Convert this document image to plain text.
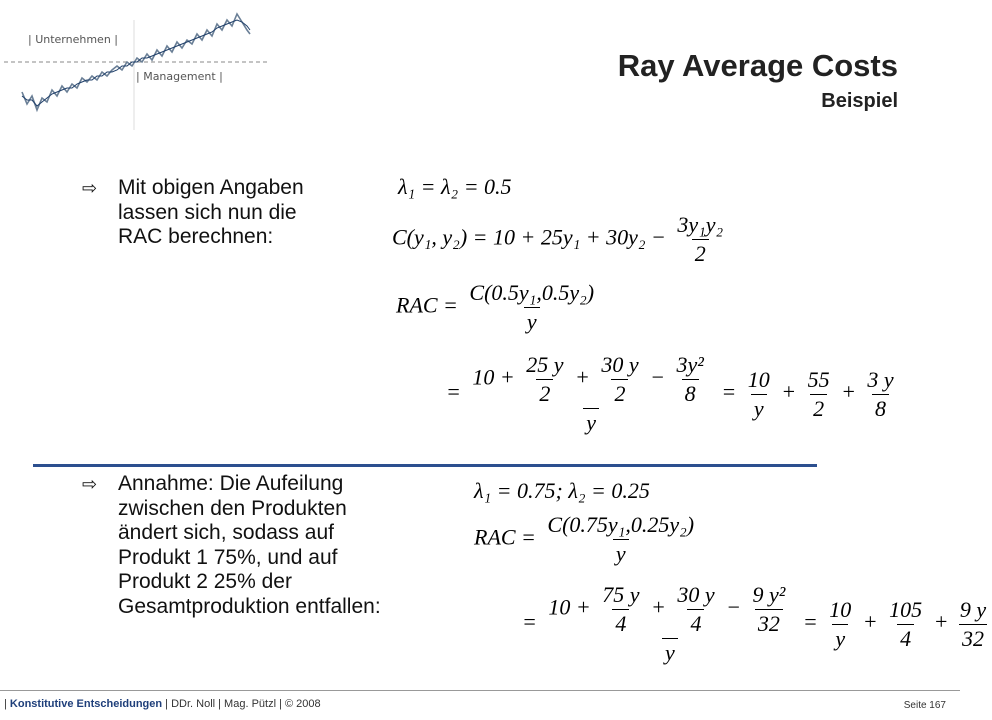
| Unternehmen |
| Management |	Ray Average Costs
Beispiel
⇨ Mit obigen Angaben
lassen sich nun die
RAC berechnen:
λ₁ = λ₂ = 0.5
C(y₁, $y_2) = 10 + 25y_1 + 30y_2 - \frac{\text{3y₁y₂}}{2}$
RAC = $\frac{\text{C(0.5y₁,0.5y₂)}}{y}$
= $\frac{10 + \frac{25 y}{2} + \frac{30 y}{2} - \frac{\text{3y²}}{8}}{y} = \frac{10}{y} + \frac{55}{2} + \frac{3 y}{8}$
⇨ Annahme: Die Aufeilung
zwischen den Produkten
ändert sich, sodass auf
Produkt 1 75%, und auf
Produkt 2 25% der
Gesamtproduktion entfallen:
λ₁ = 0.75; λ₂ = 0.25
RAC = $\frac{\text{C(0.75y₁,0.25y₂)}}{y}$
= $\frac{10 + \frac{75 y}{4} + \frac{30 y}{4} - \frac{\text{9 y²}}{32}}{y} = \frac{10}{y} + \frac{105}{4} + \frac{9 y}{32}$
| Konstitutive Entscheidungen | DDr. Noll | Mag. Pützl | © 2008	Seite 167
